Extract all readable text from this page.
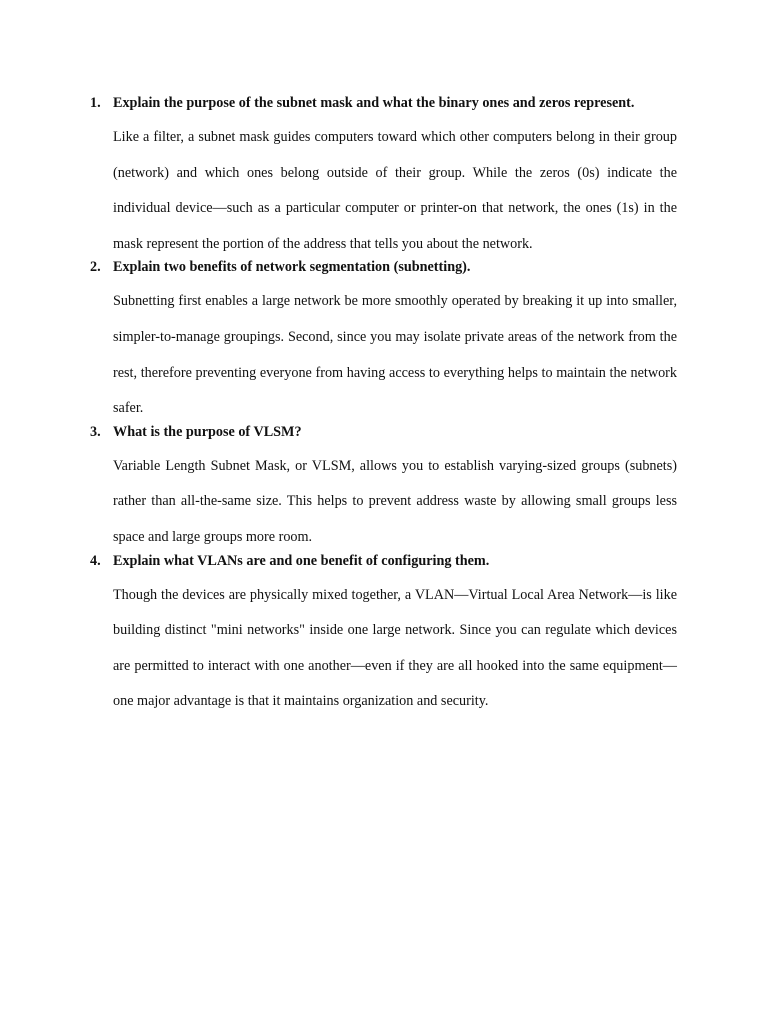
1. Explain the purpose of the subnet mask and what the binary ones and zeros represent.

Like a filter, a subnet mask guides computers toward which other computers belong in their group (network) and which ones belong outside of their group. While the zeros (0s) indicate the individual device—such as a particular computer or printer-on that network, the ones (1s) in the mask represent the portion of the address that tells you about the network.

2. Explain two benefits of network segmentation (subnetting).

Subnetting first enables a large network be more smoothly operated by breaking it up into smaller, simpler-to-manage groupings. Second, since you may isolate private areas of the network from the rest, therefore preventing everyone from having access to everything helps to maintain the network safer.

3. What is the purpose of VLSM?

Variable Length Subnet Mask, or VLSM, allows you to establish varying-sized groups (subnets) rather than all-the-same size. This helps to prevent address waste by allowing small groups less space and large groups more room.

4. Explain what VLANs are and one benefit of configuring them.

Though the devices are physically mixed together, a VLAN—Virtual Local Area Network—is like building distinct "mini networks" inside one large network. Since you can regulate which devices are permitted to interact with one another—even if they are all hooked into the same equipment—one major advantage is that it maintains organization and security.
